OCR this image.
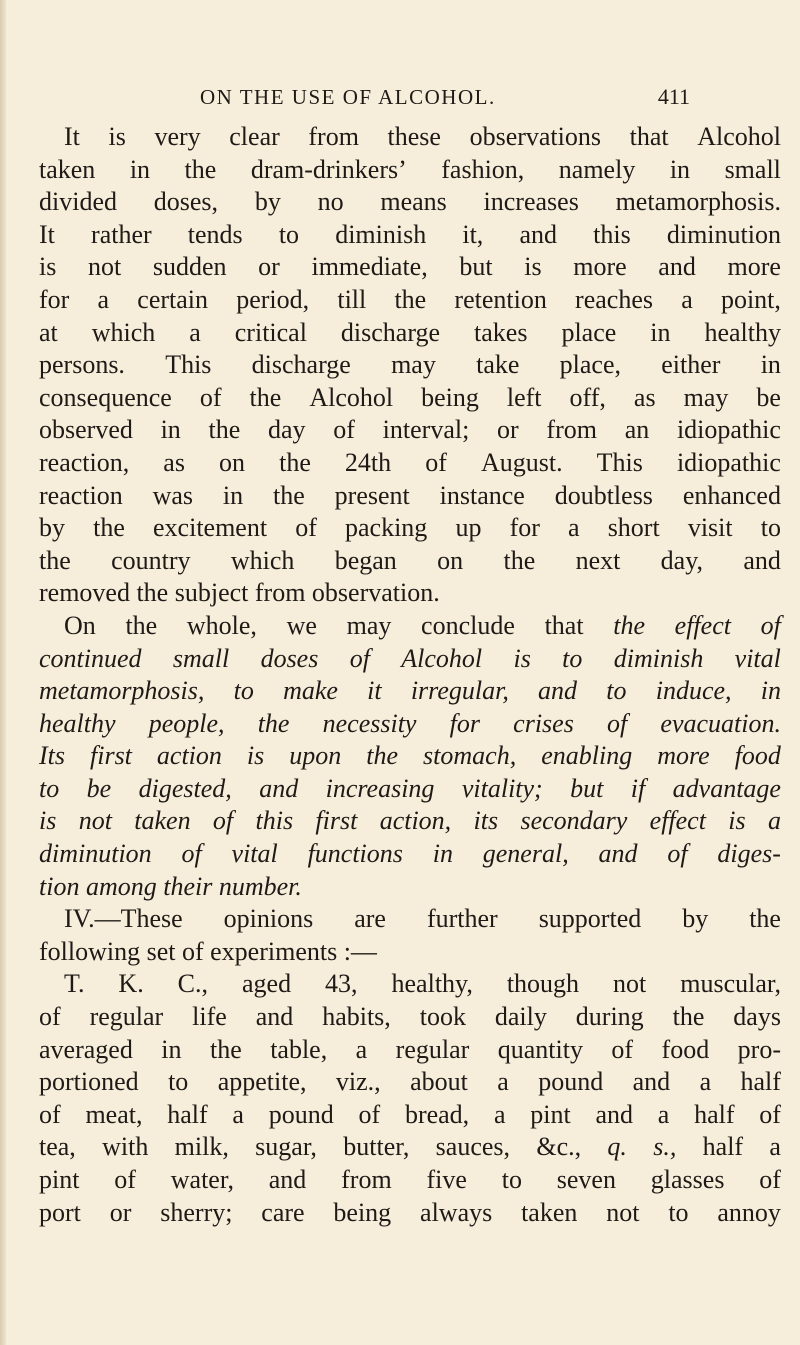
ON THE USE OF ALCOHOL.	411
It is very clear from these observations that Alcohol
taken in the dram-drinkers’ fashion, namely in small
divided doses, by no means increases metamorphosis.
It rather tends to diminish it, and this diminution
is not sudden or immediate, but is more and more
for a certain period, till the retention reaches a point,
at which a critical discharge takes place in healthy
persons. This discharge may take place, either in
consequence of the Alcohol being left off, as may be
observed in the day of interval; or from an idiopathic
reaction, as on the 24th of August. This idiopathic
reaction was in the present instance doubtless enhanced
by the excitement of packing up for a short visit to
the country which began on the next day, and
removed the subject from observation.
On the whole, we may conclude that the effect of
continued small doses of Alcohol is to diminish vital
metamorphosis, to make it irregular, and to induce, in
healthy people, the necessity for crises of evacuation.
Its first action is upon the stomach, enabling more food
to be digested, and increasing vitality; but if advantage
is not taken of this first action, its secondary effect is a
diminution of vital functions in general, and of diges-
tion among their number.
IV.—These opinions are further supported by the
following set of experiments :—
T. K. C., aged 43, healthy, though not muscular,
of regular life and habits, took daily during the days
averaged in the table, a regular quantity of food pro-
portioned to appetite, viz., about a pound and a half
of meat, half a pound of bread, a pint and a half of
tea, with milk, sugar, butter, sauces, &c., q. s., half a
pint of water, and from five to seven glasses of
port or sherry; care being always taken not to annoy
